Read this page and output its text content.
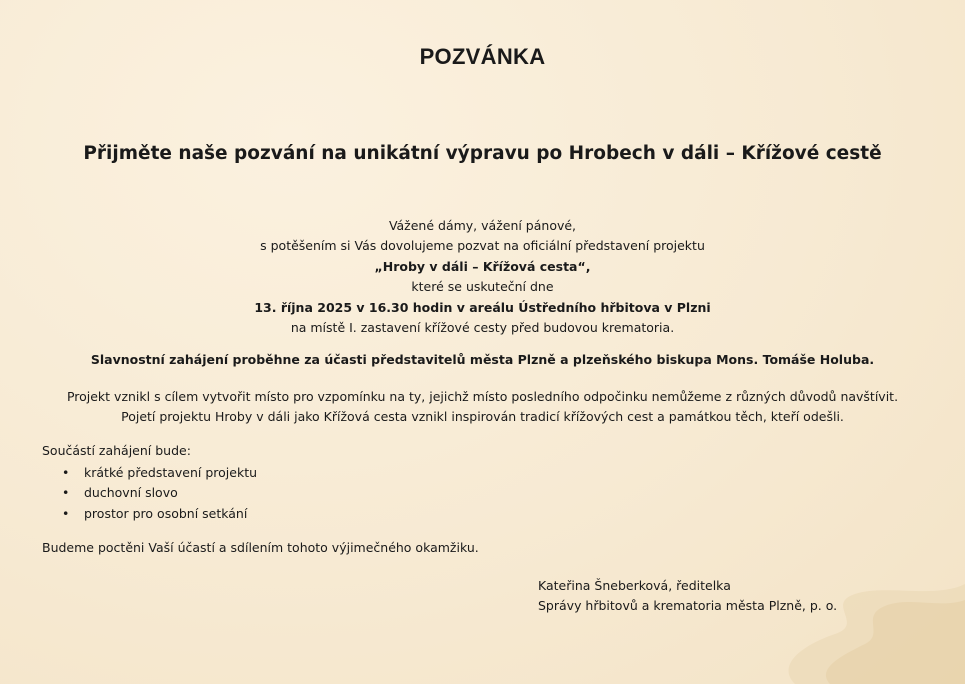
POZVÁNKA
Přijměte naše pozvání na unikátní výpravu po Hrobech v dáli – Křížové cestě
Vážené dámy, vážení pánové,
s potěšením si Vás dovolujeme pozvat na oficiální představení projektu
„Hroby v dáli – Křížová cesta“,
které se uskuteční dne
13. října 2025 v 16.30 hodin v areálu Ústředního hřbitova v Plzni
na místě I. zastavení křížové cesty před budovou krematoria.
Slavnostní zahájení proběhne za účasti představitelů města Plzně a plzeňského biskupa Mons. Tomáše Holuba.
Projekt vznikl s cílem vytvořit místo pro vzpomínku na ty, jejichž místo posledního odpočinku nemůžeme z různých důvodů navštívit.
Pojetí projektu Hroby v dáli jako Křížová cesta vznikl inspirován tradicí křížových cest a památkou těch, kteří odešli.
Součástí zahájení bude:
• krátké představení projektu
• duchovní slovo
• prostor pro osobní setkání
Budeme poctěni Vaší účastí a sdílením tohoto výjimečného okamžiku.
Kateřina Šneberková, ředitelka
Správy hřbitovů a krematoria města Plzně, p. o.
